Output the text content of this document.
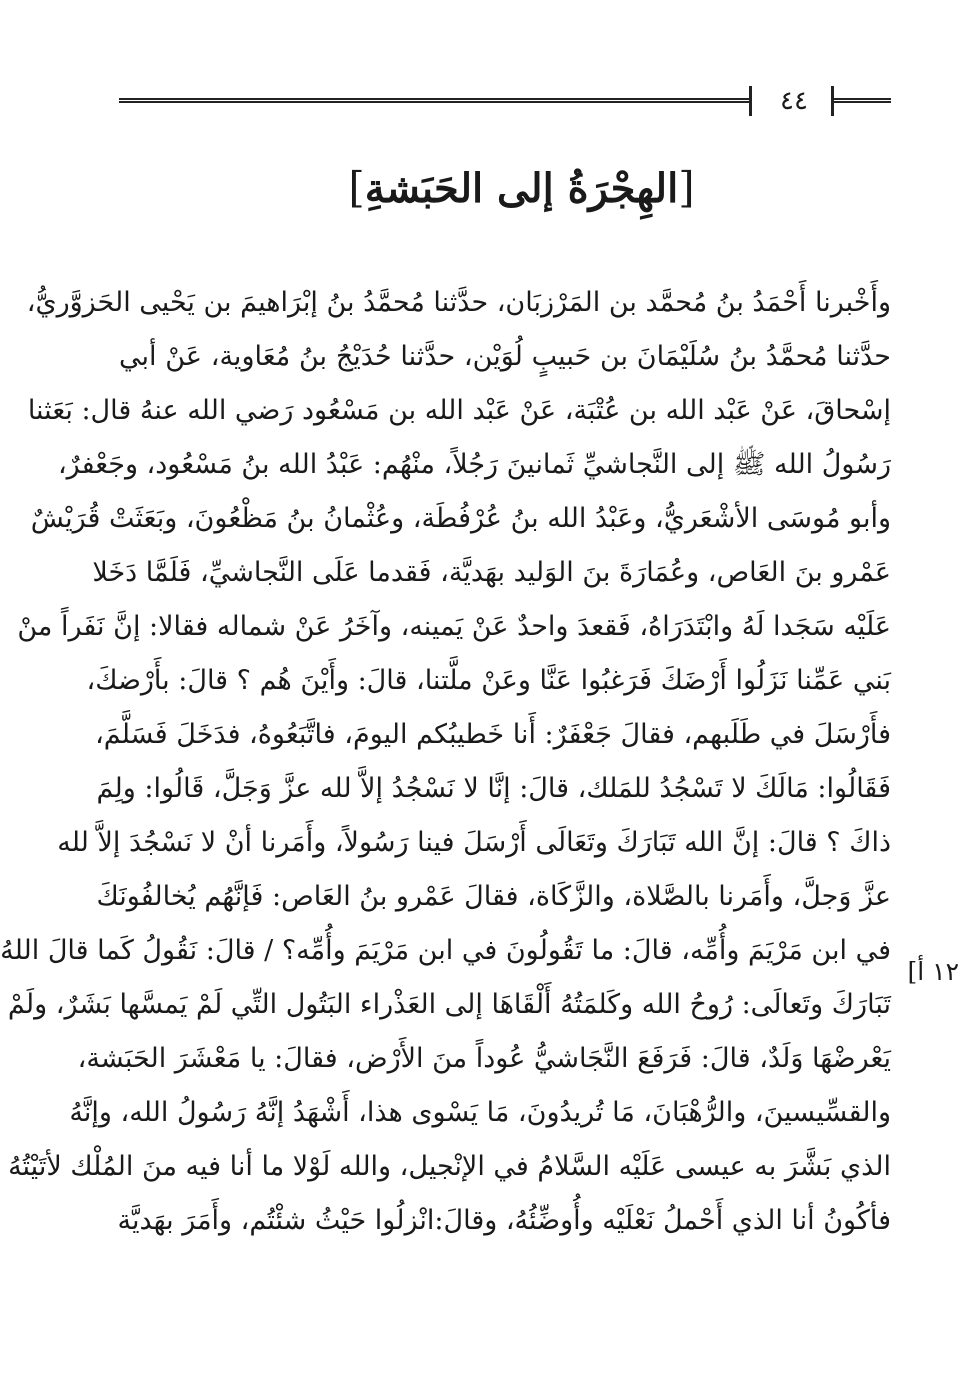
٤٤
[الهِجْرَةُ إلى الحَبَشةِ]
١٢ أ]
وأَخْبرنا أَحْمَدُ بنُ مُحمَّد بن المَرْزبَان، حدَّثنا مُحمَّدُ بنُ إبْرَاهيمَ بن يَحْيى الحَزوَّريُّ،
حدَّثنا مُحمَّدُ بنُ سُلَيْمَانَ بن حَبيبٍ لُوَيْن، حدَّثنا حُدَيْجُ بنُ مُعَاوية، عَنْ أبي
إسْحاقَ، عَنْ عَبْد الله بن عُتْبَة، عَنْ عَبْد الله بن مَسْعُود رَضي الله عنهُ قال: بَعَثنا
رَسُولُ الله ﷺ إلى النَّجاشيِّ ثَمانينَ رَجُلاً، منْهُم: عَبْدُ الله بنُ مَسْعُود، وجَعْفرٌ،
وأبو مُوسَى الأشْعَريُّ، وعَبْدُ الله بنُ عُرْفُطَة، وعُثْمانُ بنُ مَظْعُونَ، وبَعَثَتْ قُرَيْشٌ
عَمْرو بنَ العَاص، وعُمَارَةَ بنَ الوَليد بهَديَّة، فَقدما عَلَى النَّجاشيِّ، فَلَمَّا دَخَلا
عَلَيْه سَجَدا لَهُ وابْتَدَرَاهُ، فَقعدَ واحدٌ عَنْ يَمينه، وآخَرُ عَنْ شماله فقالا: إنَّ نَفَراً منْ
بَني عَمِّنا نَزَلُوا أَرْضَكَ فَرَغبُوا عَنَّا وعَنْ ملَّتنا، قالَ: وأَيْنَ هُم ؟ قالَ: بأَرْضكَ،
فأَرْسَلَ في طَلَبهم، فقالَ جَعْفَرٌ: أَنا خَطيبُكم اليومَ، فاتَّبَعُوهُ، فدَخَلَ فَسَلَّمَ،
فَقَالُوا: مَالَكَ لا تَسْجُدُ للمَلك، قالَ: إنَّا لا نَسْجُدُ إلاَّ لله عزَّ وَجَلَّ، قَالُوا: ولِمَ
ذاكَ ؟ قالَ: إنَّ الله تَبَارَكَ وتَعَالَى أَرْسَلَ فينا رَسُولاً، وأَمَرنا أنْ لا نَسْجُدَ إلاَّ لله
عزَّ وَجلَّ، وأَمَرنا بالصَّلاة، والزَّكَاة، فقالَ عَمْرو بنُ العَاص: فَإنَّهُم يُخالفُونَكَ
في ابن مَرْيَمَ وأُمِّه، قالَ: ما تَقُولُونَ في ابن مَرْيَمَ وأُمِّه؟ / قالَ: نَقُولُ كَما قالَ اللهُ
تَبَارَكَ وتَعالَى: رُوحُ الله وكَلمَتُهُ أَلْقَاهَا إلى العَذْراء البَتُول التِّي لَمْ يَمسَّها بَشَرٌ، ولَمْ
يَعْرضْهَا وَلَدٌ، قالَ: فَرَفَعَ النَّجَاشيُّ عُوداً منَ الأَرْض، فقالَ: يا مَعْشَرَ الحَبَشة،
والقسِّيسينَ، والرُّهْبَانَ، مَا تُريدُونَ، مَا يَسْوى هذا، أَشْهَدُ إنَّهُ رَسُولُ الله، وإنَّهُ
الذي بَشَّرَ به عيسى عَلَيْه السَّلامُ في الإنْجيل، والله لَوْلا ما أنا فيه منَ المُلْك لأتَيْتُهُ
فأكُونُ أنا الذي أَحْملُ نَعْلَيْه وأُوضِّئُهُ، وقالَ:انْزلُوا حَيْثُ شئْتُم، وأَمَرَ بهَديَّة
